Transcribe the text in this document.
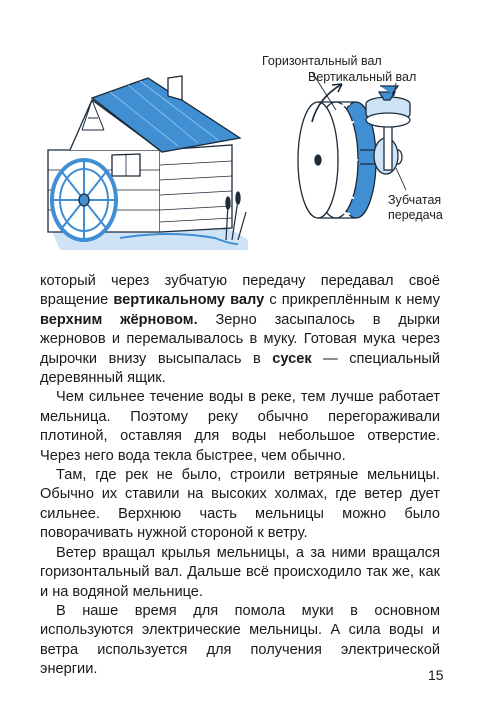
Горизонтальный вал
Вертикальный вал
Зубчатая
передача

который через зубчатую передачу передавал своё вращение вертикальному валу с прикреплённым к нему верхним жёрновом. Зерно засыпалось в дырки жерновов и перемалывалось в муку. Готовая мука через дырочки внизу высыпалась в сусек — специальный деревянный ящик.

Чем сильнее течение воды в реке, тем лучше работает мельница. Поэтому реку обычно перегораживали плотиной, оставляя для воды небольшое отверстие. Через него вода текла быстрее, чем обычно.

Там, где рек не было, строили ветряные мельницы. Обычно их ставили на высоких холмах, где ветер дует сильнее. Верхнюю часть мельницы можно было поворачивать нужной стороной к ветру.

Ветер вращал крылья мельницы, а за ними вращался горизонтальный вал. Дальше всё происходило так же, как и на водяной мельнице.

В наше время для помола муки в основном используются электрические мельницы. А сила воды и ветра используется для получения электрической энергии.	15
